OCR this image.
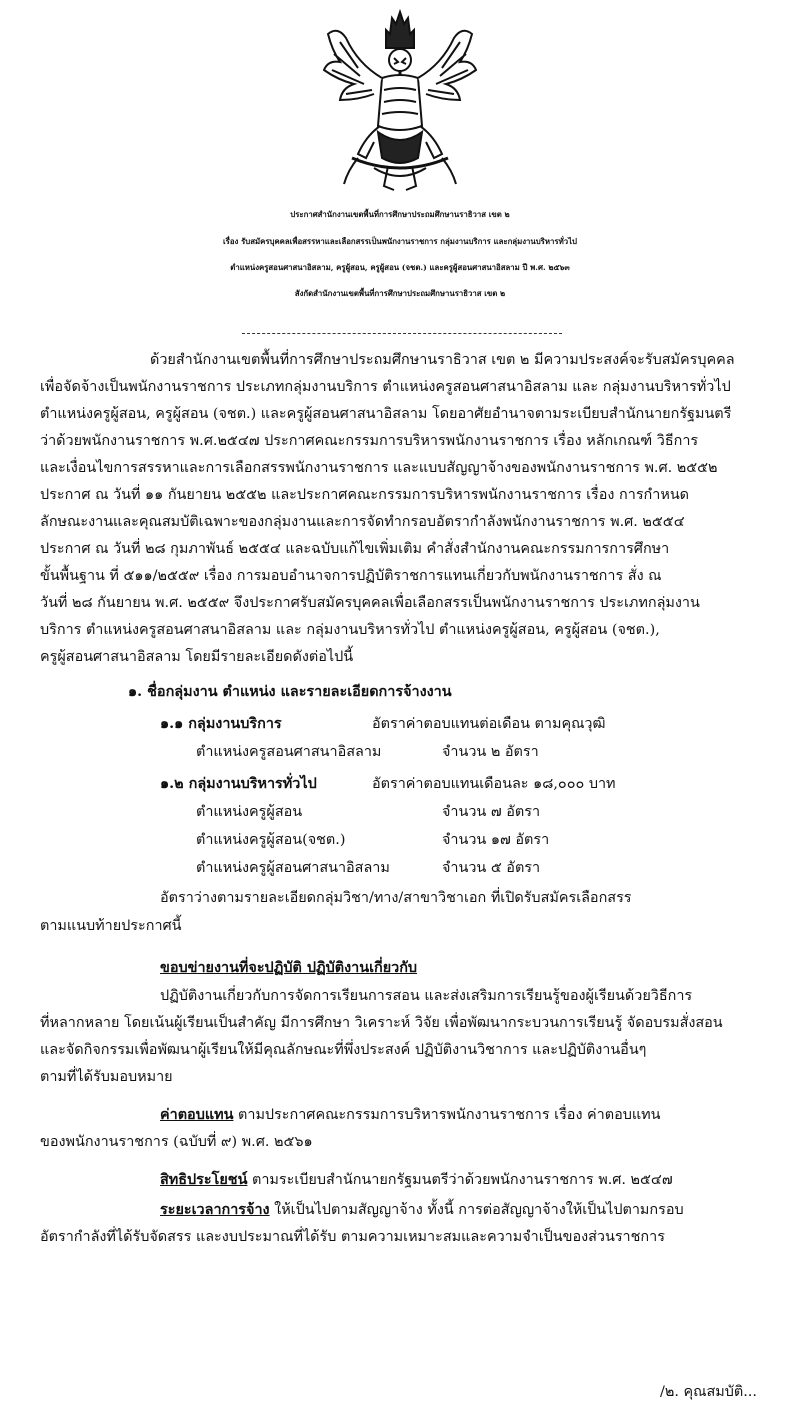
ประกาศสำนักงานเขตพื้นที่การศึกษาประถมศึกษานราธิวาส เขต ๒
เรื่อง รับสมัครบุคคลเพื่อสรรหาและเลือกสรรเป็นพนักงานราชการ กลุ่มงานบริการ และกลุ่มงานบริหารทั่วไป
ตำแหน่งครูสอนศาสนาอิสลาม, ครูผู้สอน, ครูผู้สอน (จชต.) และครูผู้สอนศาสนาอิสลาม ปี พ.ศ. ๒๕๖๓
สังกัดสำนักงานเขตพื้นที่การศึกษาประถมศึกษานราธิวาส เขต ๒
ด้วยสำนักงานเขตพื้นที่การศึกษาประถมศึกษานราธิวาส เขต ๒ มีความประสงค์จะรับสมัครบุคคล
เพื่อจัดจ้างเป็นพนักงานราชการ ประเภทกลุ่มงานบริการ ตำแหน่งครูสอนศาสนาอิสลาม และ กลุ่มงานบริหารทั่วไป
ตำแหน่งครูผู้สอน, ครูผู้สอน (จชต.) และครูผู้สอนศาสนาอิสลาม โดยอาศัยอำนาจตามระเบียบสำนักนายกรัฐมนตรี
ว่าด้วยพนักงานราชการ พ.ศ.๒๕๔๗ ประกาศคณะกรรมการบริหารพนักงานราชการ เรื่อง หลักเกณฑ์ วิธีการ
และเงื่อนไขการสรรหาและการเลือกสรรพนักงานราชการ และแบบสัญญาจ้างของพนักงานราชการ พ.ศ. ๒๕๕๒
ประกาศ ณ วันที่ ๑๑ กันยายน ๒๕๕๒ และประกาศคณะกรรมการบริหารพนักงานราชการ เรื่อง การกำหนด
ลักษณะงานและคุณสมบัติเฉพาะของกลุ่มงานและการจัดทำกรอบอัตรากำลังพนักงานราชการ พ.ศ. ๒๕๕๔
ประกาศ ณ วันที่ ๒๘ กุมภาพันธ์ ๒๕๕๔ และฉบับแก้ไขเพิ่มเติม คำสั่งสำนักงานคณะกรรมการการศึกษา
ขั้นพื้นฐาน ที่ ๕๑๑/๒๕๕๙ เรื่อง การมอบอำนาจการปฏิบัติราชการแทนเกี่ยวกับพนักงานราชการ สั่ง ณ
วันที่ ๒๘ กันยายน พ.ศ. ๒๕๕๙ จึงประกาศรับสมัครบุคคลเพื่อเลือกสรรเป็นพนักงานราชการ ประเภทกลุ่มงาน
บริการ ตำแหน่งครูสอนศาสนาอิสลาม และ กลุ่มงานบริหารทั่วไป ตำแหน่งครูผู้สอน, ครูผู้สอน (จชต.),
ครูผู้สอนศาสนาอิสลาม โดยมีรายละเอียดดังต่อไปนี้
๑. ชื่อกลุ่มงาน ตำแหน่ง และรายละเอียดการจ้างงาน
๑.๑ กลุ่มงานบริการ	อัตราค่าตอบแทนต่อเดือน ตามคุณวุฒิ
ตำแหน่งครูสอนศาสนาอิสลาม	จำนวน ๒ อัตรา
๑.๒ กลุ่มงานบริหารทั่วไป	อัตราค่าตอบแทนเดือนละ ๑๘,๐๐๐ บาท
ตำแหน่งครูผู้สอน	จำนวน ๗ อัตรา
ตำแหน่งครูผู้สอน(จชต.)	จำนวน ๑๗ อัตรา
ตำแหน่งครูผู้สอนศาสนาอิสลาม	จำนวน ๕ อัตรา
อัตราว่างตามรายละเอียดกลุ่มวิชา/ทาง/สาขาวิชาเอก ที่เปิดรับสมัครเลือกสรร
ตามแนบท้ายประกาศนี้
ขอบข่ายงานที่จะปฏิบัติ ปฏิบัติงานเกี่ยวกับ
ปฏิบัติงานเกี่ยวกับการจัดการเรียนการสอน และส่งเสริมการเรียนรู้ของผู้เรียนด้วยวิธีการ
ที่หลากหลาย โดยเน้นผู้เรียนเป็นสำคัญ มีการศึกษา วิเคราะห์ วิจัย เพื่อพัฒนากระบวนการเรียนรู้ จัดอบรมสั่งสอน
และจัดกิจกรรมเพื่อพัฒนาผู้เรียนให้มีคุณลักษณะที่พึ่งประสงค์ ปฏิบัติงานวิชาการ และปฏิบัติงานอื่นๆ
ตามที่ได้รับมอบหมาย
ค่าตอบแทน ตามประกาศคณะกรรมการบริหารพนักงานราชการ เรื่อง ค่าตอบแทน
ของพนักงานราชการ (ฉบับที่ ๙) พ.ศ. ๒๕๖๑
สิทธิประโยชน์ ตามระเบียบสำนักนายกรัฐมนตรีว่าด้วยพนักงานราชการ พ.ศ. ๒๕๔๗
ระยะเวลาการจ้าง ให้เป็นไปตามสัญญาจ้าง ทั้งนี้ การต่อสัญญาจ้างให้เป็นไปตามกรอบ
อัตรากำลังที่ได้รับจัดสรร และงบประมาณที่ได้รับ ตามความเหมาะสมและความจำเป็นของส่วนราชการ
/๒. คุณสมบัติ...
